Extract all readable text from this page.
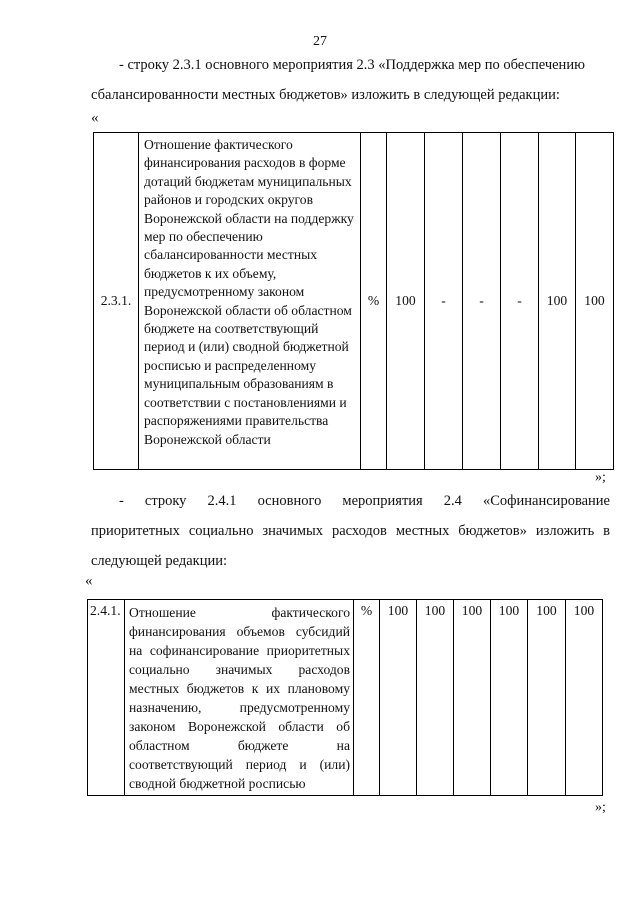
27
- строку 2.3.1 основного мероприятия 2.3 «Поддержка мер по обеспечению
сбалансированности местных бюджетов» изложить в следующей редакции:
«
2.3.1.	Отношение фактического финансирования расходов в форме дотаций бюджетам муниципальных районов и городских округов Воронежской области на поддержку мер по обеспечению сбалансированности местных бюджетов к их объему, предусмотренному законом Воронежской области об областном бюджете на соответствующий период и (или) сводной бюджетной росписью и распределенному муниципальным образованиям в соответствии с постановлениями и распоряжениями правительства Воронежской области	%	100	-	-	-	100	100
»;
- строку 2.4.1 основного мероприятия 2.4 «Софинансирование
приоритетных социально значимых расходов местных бюджетов» изложить в
следующей редакции:
«
2.4.1.	Отношение фактического
финансирования объемов субсидий
на софинансирование приоритетных
социально значимых расходов
местных бюджетов к их плановому
назначению, предусмотренному
законом Воронежской области об
областном бюджете на
соответствующий период и (или)
сводной бюджетной росписью
	%	100	100	100	100	100	100
»;
